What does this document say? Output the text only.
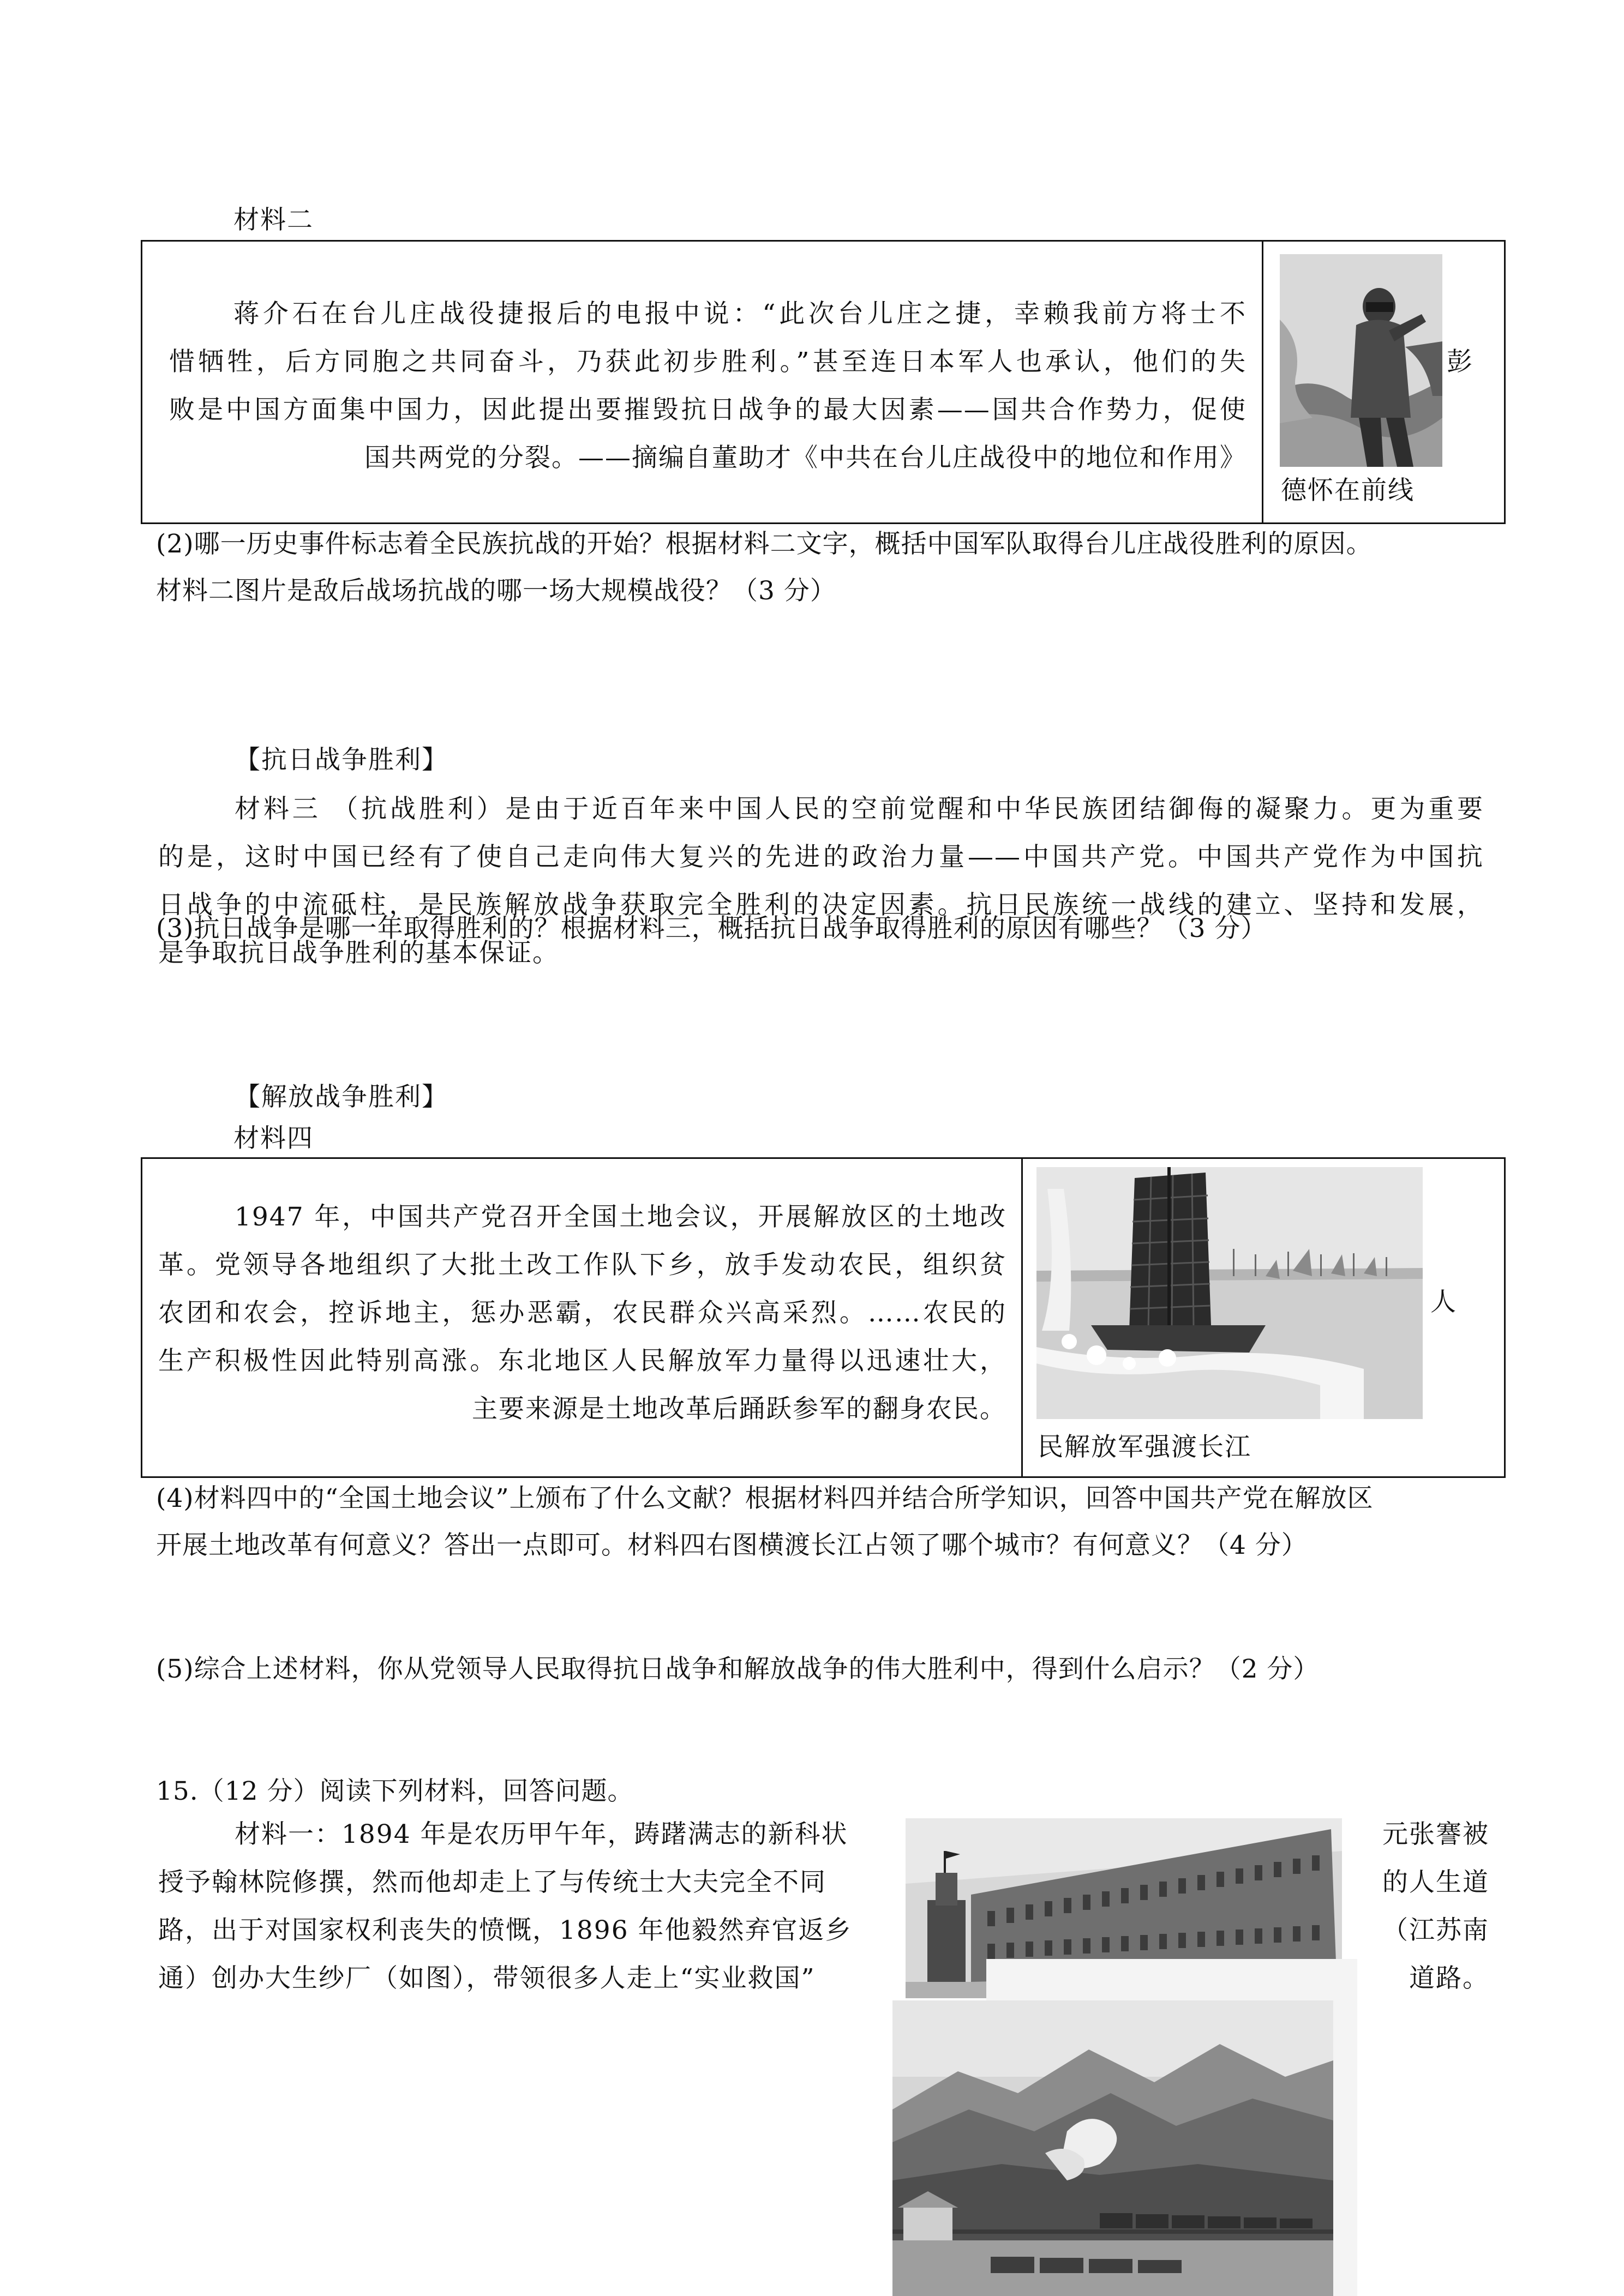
材料二

蒋介石在台儿庄战役捷报后的电报中说：“此次台儿庄之捷，幸赖我前方将士不

惜牺牲，后方同胞之共同奋斗，乃获此初步胜利。”甚至连日本军人也承认，他们的失

败是中国方面集中国力，因此提出要摧毁抗日战争的最大因素——国共合作势力，促使

国共两党的分裂。——摘编自董助才《中共在台儿庄战役中的地位和作用》

彭
德怀在前线

(2)哪一历史事件标志着全民族抗战的开始？根据材料二文字，概括中国军队取得台儿庄战役胜利的原因。

材料二图片是敌后战场抗战的哪一场大规模战役？（3 分）

【抗日战争胜利】

材料三 （抗战胜利）是由于近百年来中国人民的空前觉醒和中华民族团结御侮的凝聚力。更为重要

的是，这时中国已经有了使自己走向伟大复兴的先进的政治力量——中国共产党。中国共产党作为中国抗

日战争的中流砥柱，是民族解放战争获取完全胜利的决定因素。抗日民族统一战线的建立、坚持和发展，

是争取抗日战争胜利的基本保证。

(3)抗日战争是哪一年取得胜利的？根据材料三，概括抗日战争取得胜利的原因有哪些？（3 分）
【解放战争胜利】
材料四

1947 年，中国共产党召开全国土地会议，开展解放区的土地改

革。党领导各地组织了大批土改工作队下乡，放手发动农民，组织贫

农团和农会，控诉地主，惩办恶霸，农民群众兴高采烈。……农民的

生产积极性因此特别高涨。东北地区人民解放军力量得以迅速壮大，

主要来源是土地改革后踊跃参军的翻身农民。

人
民解放军强渡长江

(4)材料四中的“全国土地会议”上颁布了什么文献？根据材料四并结合所学知识，回答中国共产党在解放区

开展土地改革有何意义？答出一点即可。材料四右图横渡长江占领了哪个城市？有何意义？（4 分）

(5)综合上述材料，你从党领导人民取得抗日战争和解放战争的伟大胜利中，得到什么启示？（2 分）
15.（12 分）阅读下列材料，回答问题。

材料一：1894 年是农历甲午年，踌躇满志的新科状

授予翰林院修撰，然而他却走上了与传统士大夫完全不同

路，出于对国家权利丧失的愤慨，1896 年他毅然弃官返乡

通）创办大生纱厂（如图），带领很多人走上“实业救国”

元张謇被

的人生道

（江苏南

道路。
